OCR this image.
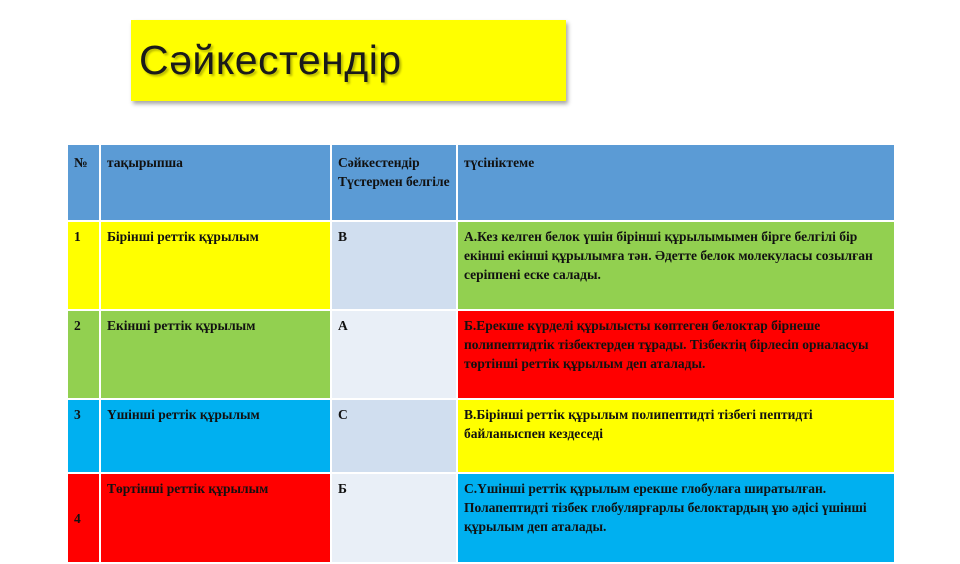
Сәйкестендір
№	тақырыпша	Сәйкестендір Түстермен белгіле	түсініктеме
1	Бірінші реттік құрылым	В	А.Кез келген белок үшін бірінші құрылымымен бірге белгілі бір екінші екінші құрылымға тән. Әдетте белок молекуласы созылған серіппені еске салады.
2	Екінші реттік құрылым	А	Б.Ерекше күрделі құрылысты көптеген белоктар бірнеше полипептидтік тізбектерден тұрады. Тізбектің бірлесіп орналасуы төртінші реттік құрылым деп аталады.
3	Үшінші реттік құрылым	С	В.Бірінші реттік құрылым полипептидті тізбегі пептидті байланыспен кездеседі
4	Төртінші реттік құрылым	Б	С.Үшінші реттік құрылым ерекше глобулаға ширатылған. Полапептидті тізбек глобулярғарлы белоктардың ұю әдісі үшінші құрылым деп аталады.
